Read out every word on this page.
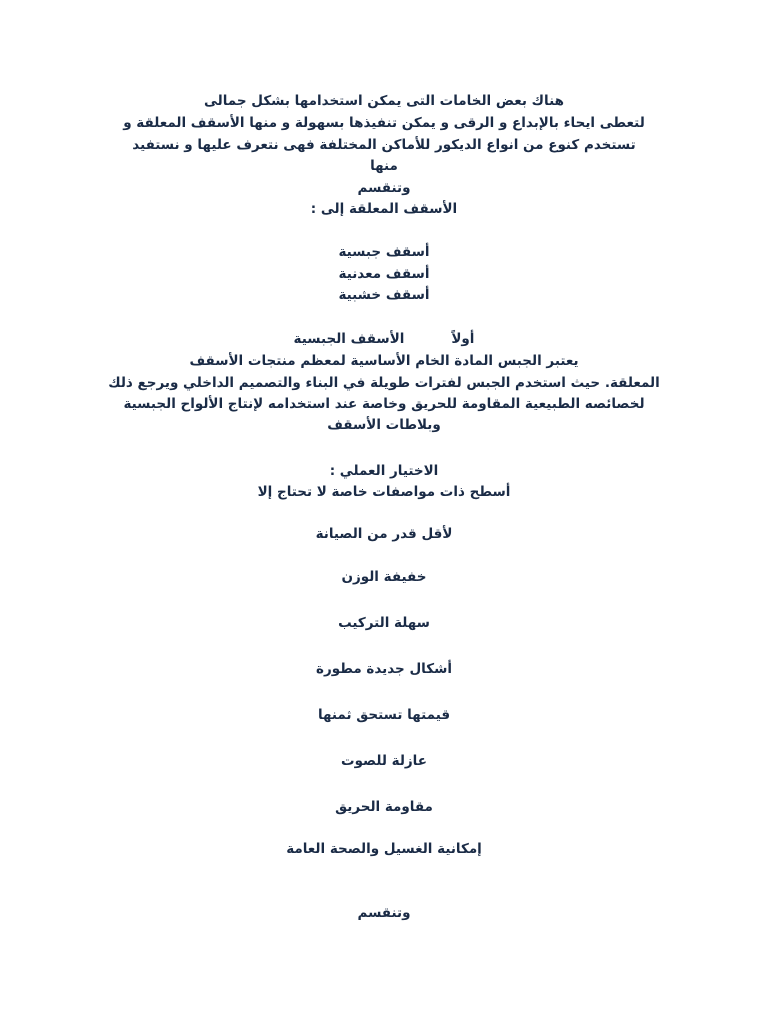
هناك بعض الخامات التى يمكن استخدامها بشكل جمالى
لتعطى ايحاء بالإبداع و الرقى و يمكن تنفيذها بسهولة و منها الأسقف المعلقة و
تستخدم كنوع من انواع الديكور للأماكن المختلفة فهى نتعرف عليها و نستفيد
منها
وتنقسم
الأسقف المعلقة إلى :
أسقف جبسية
أسقف معدنية
أسقف خشبية
أولاً          الأسقف الجبسية
يعتبر الجبس المادة الخام الأساسية لمعظم منتجات الأسقف
المعلقة. حيث استخدم الجبس لفترات طويلة في البناء والتصميم الداخلي ويرجع ذلك
لخصائصه الطبيعية المقاومة للحريق وخاصة عند استخدامه لإنتاج الألواح الجبسية
وبلاطات الأسقف
الاختيار العملي :
أسطح ذات مواصفات خاصة لا تحتاج إلا
لأقل قدر من الصيانة
خفيفة الوزن
سهلة التركيب
أشكال جديدة مطورة
قيمتها تستحق ثمنها
عازلة للصوت
مقاومة الحريق
إمكانية الغسيل والصحة العامة
وتنقسم
